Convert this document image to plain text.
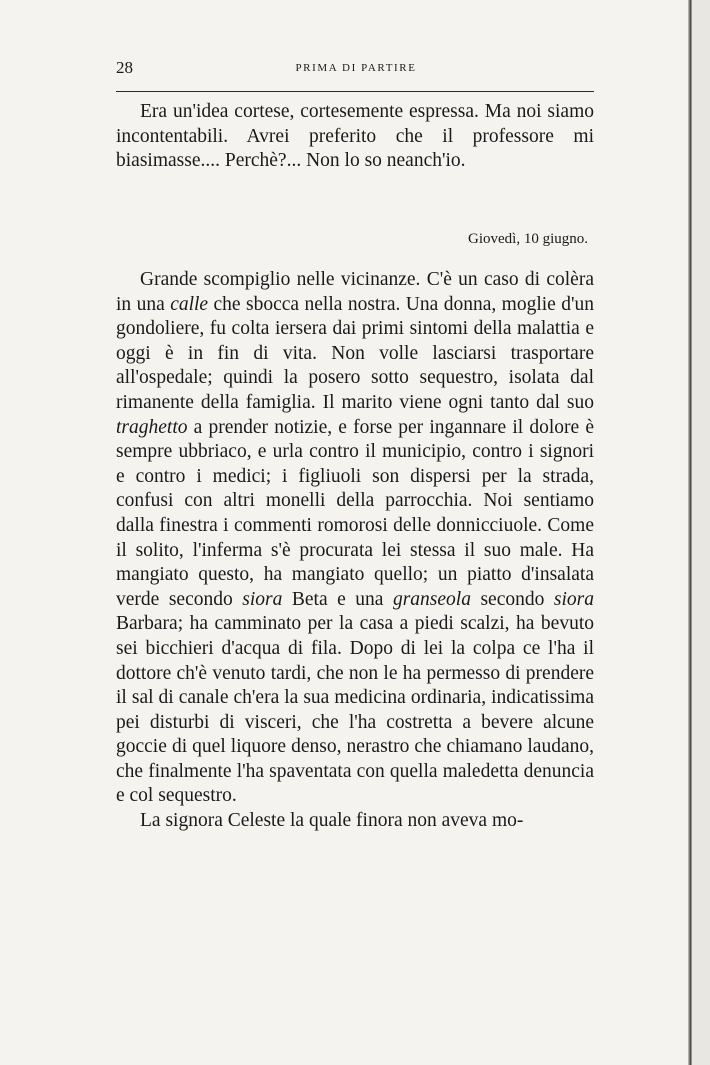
28	PRIMA DI PARTIRE

Era un'idea cortese, cortesemente espressa. Ma noi siamo incontentabili. Avrei preferito che il professore mi biasimasse.... Perchè?... Non lo so neanch'io.

Giovedì, 10 giugno.

Grande scompiglio nelle vicinanze. C'è un caso di colèra in una calle che sbocca nella nostra. Una donna, moglie d'un gondoliere, fu colta iersera dai primi sintomi della malattia e oggi è in fin di vita. Non volle lasciarsi trasportare all'ospedale; quindi la posero sotto sequestro, isolata dal rimanente della famiglia. Il marito viene ogni tanto dal suo traghetto a prender notizie, e forse per ingannare il dolore è sempre ubbriaco, e urla contro il municipio, contro i signori e contro i medici; i figliuoli son dispersi per la strada, confusi con altri monelli della parrocchia. Noi sentiamo dalla finestra i commenti romorosi delle donnicciuole. Come il solito, l'inferma s'è procurata lei stessa il suo male. Ha mangiato questo, ha mangiato quello; un piatto d'insalata verde secondo siora Beta e una granseola secondo siora Barbara; ha camminato per la casa a piedi scalzi, ha bevuto sei bicchieri d'acqua di fila. Dopo di lei la colpa ce l'ha il dottore ch'è venuto tardi, che non le ha permesso di prendere il sal di canale ch'era la sua medicina ordinaria, indicatissima pei disturbi di visceri, che l'ha costretta a bevere alcune goccie di quel liquore denso, nerastro che chiamano laudano, che finalmente l'ha spaventata con quella maledetta denuncia e col sequestro.

La signora Celeste la quale finora non aveva mo-
